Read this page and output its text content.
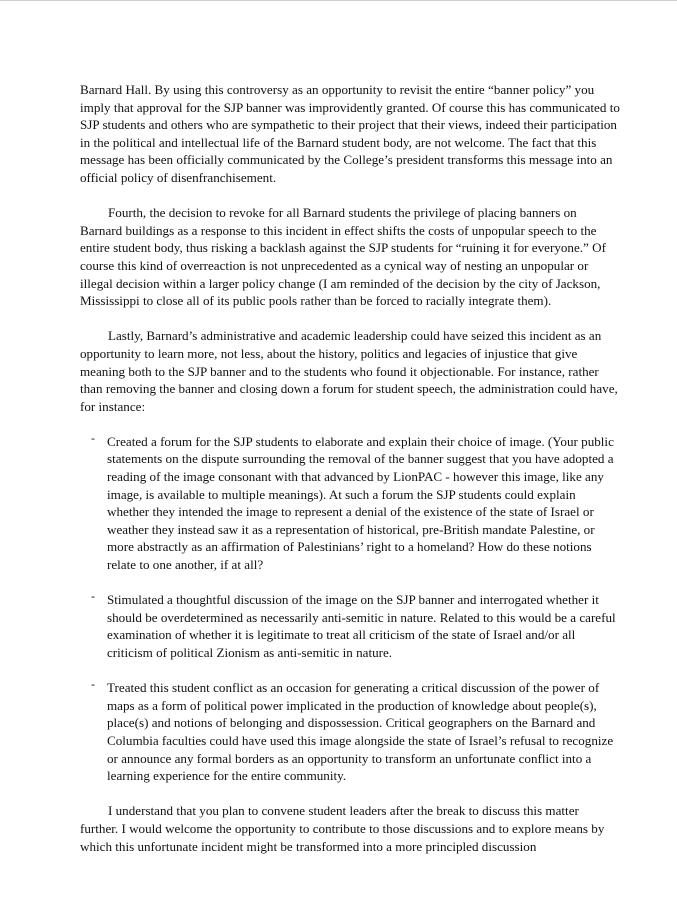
Barnard Hall. By using this controversy as an opportunity to revisit the entire “banner policy” you imply that approval for the SJP banner was improvidently granted. Of course this has communicated to SJP students and others who are sympathetic to their project that their views, indeed their participation in the political and intellectual life of the Barnard student body, are not welcome. The fact that this message has been officially communicated by the College’s president transforms this message into an official policy of disenfranchisement.

Fourth, the decision to revoke for all Barnard students the privilege of placing banners on Barnard buildings as a response to this incident in effect shifts the costs of unpopular speech to the entire student body, thus risking a backlash against the SJP students for “ruining it for everyone.” Of course this kind of overreaction is not unprecedented as a cynical way of nesting an unpopular or illegal decision within a larger policy change (I am reminded of the decision by the city of Jackson, Mississippi to close all of its public pools rather than be forced to racially integrate them).

Lastly, Barnard’s administrative and academic leadership could have seized this incident as an opportunity to learn more, not less, about the history, politics and legacies of injustice that give meaning both to the SJP banner and to the students who found it objectionable. For instance, rather than removing the banner and closing down a forum for student speech, the administration could have, for instance:

- Created a forum for the SJP students to elaborate and explain their choice of image. (Your public statements on the dispute surrounding the removal of the banner suggest that you have adopted a reading of the image consonant with that advanced by LionPAC - however this image, like any image, is available to multiple meanings). At such a forum the SJP students could explain whether they intended the image to represent a denial of the existence of the state of Israel or weather they instead saw it as a representation of historical, pre-British mandate Palestine, or more abstractly as an affirmation of Palestinians’ right to a homeland? How do these notions relate to one another, if at all?
- Stimulated a thoughtful discussion of the image on the SJP banner and interrogated whether it should be overdetermined as necessarily anti-semitic in nature. Related to this would be a careful examination of whether it is legitimate to treat all criticism of the state of Israel and/or all criticism of political Zionism as anti-semitic in nature.
- Treated this student conflict as an occasion for generating a critical discussion of the power of maps as a form of political power implicated in the production of knowledge about people(s), place(s) and notions of belonging and dispossession. Critical geographers on the Barnard and Columbia faculties could have used this image alongside the state of Israel’s refusal to recognize or announce any formal borders as an opportunity to transform an unfortunate conflict into a learning experience for the entire community.

I understand that you plan to convene student leaders after the break to discuss this matter further. I would welcome the opportunity to contribute to those discussions and to explore means by which this unfortunate incident might be transformed into a more principled discussion
